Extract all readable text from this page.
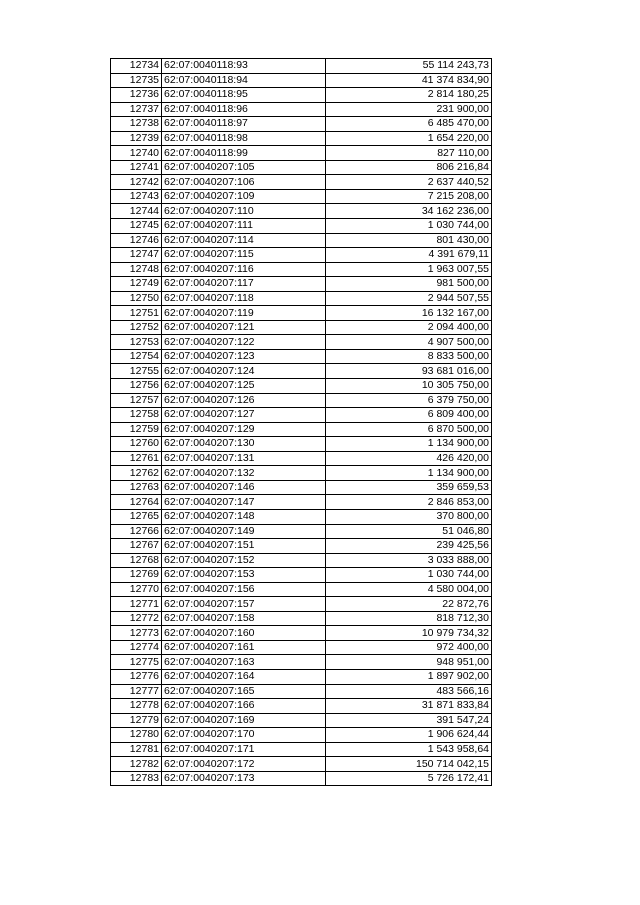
12734	62:07:0040118:93	55 114 243,73
12735	62:07:0040118:94	41 374 834,90
12736	62:07:0040118:95	2 814 180,25
12737	62:07:0040118:96	231 900,00
12738	62:07:0040118:97	6 485 470,00
12739	62:07:0040118:98	1 654 220,00
12740	62:07:0040118:99	827 110,00
12741	62:07:0040207:105	806 216,84
12742	62:07:0040207:106	2 637 440,52
12743	62:07:0040207:109	7 215 208,00
12744	62:07:0040207:110	34 162 236,00
12745	62:07:0040207:111	1 030 744,00
12746	62:07:0040207:114	801 430,00
12747	62:07:0040207:115	4 391 679,11
12748	62:07:0040207:116	1 963 007,55
12749	62:07:0040207:117	981 500,00
12750	62:07:0040207:118	2 944 507,55
12751	62:07:0040207:119	16 132 167,00
12752	62:07:0040207:121	2 094 400,00
12753	62:07:0040207:122	4 907 500,00
12754	62:07:0040207:123	8 833 500,00
12755	62:07:0040207:124	93 681 016,00
12756	62:07:0040207:125	10 305 750,00
12757	62:07:0040207:126	6 379 750,00
12758	62:07:0040207:127	6 809 400,00
12759	62:07:0040207:129	6 870 500,00
12760	62:07:0040207:130	1 134 900,00
12761	62:07:0040207:131	426 420,00
12762	62:07:0040207:132	1 134 900,00
12763	62:07:0040207:146	359 659,53
12764	62:07:0040207:147	2 846 853,00
12765	62:07:0040207:148	370 800,00
12766	62:07:0040207:149	51 046,80
12767	62:07:0040207:151	239 425,56
12768	62:07:0040207:152	3 033 888,00
12769	62:07:0040207:153	1 030 744,00
12770	62:07:0040207:156	4 580 004,00
12771	62:07:0040207:157	22 872,76
12772	62:07:0040207:158	818 712,30
12773	62:07:0040207:160	10 979 734,32
12774	62:07:0040207:161	972 400,00
12775	62:07:0040207:163	948 951,00
12776	62:07:0040207:164	1 897 902,00
12777	62:07:0040207:165	483 566,16
12778	62:07:0040207:166	31 871 833,84
12779	62:07:0040207:169	391 547,24
12780	62:07:0040207:170	1 906 624,44
12781	62:07:0040207:171	1 543 958,64
12782	62:07:0040207:172	150 714 042,15
12783	62:07:0040207:173	5 726 172,41
